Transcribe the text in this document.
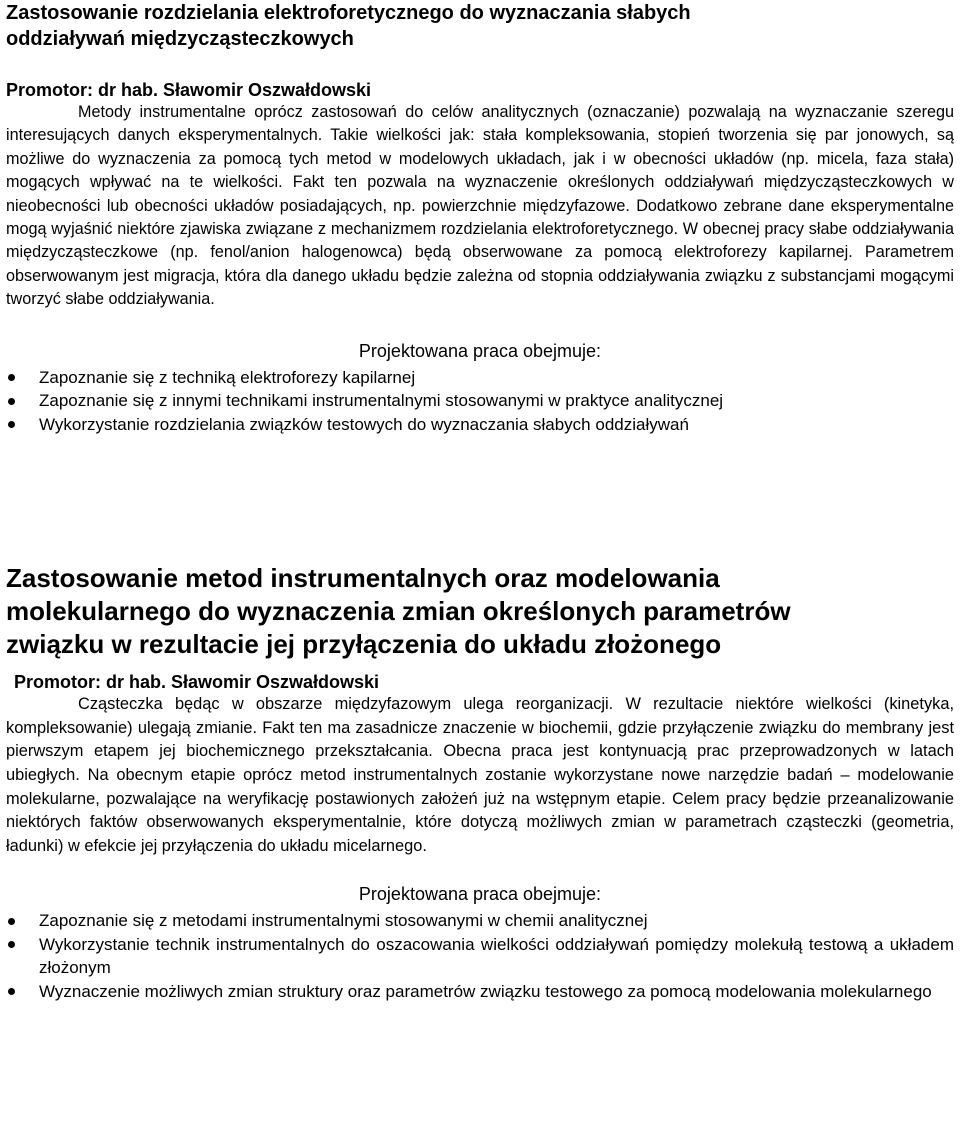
Zastosowanie rozdzielania elektroforetycznego do wyznaczania słabych
oddziaływań międzycząsteczkowych
Promotor: dr hab. Sławomir Oszwałdowski

Metody instrumentalne oprócz zastosowań do celów analitycznych (oznaczanie) pozwalają na wyznaczanie szeregu interesujących danych eksperymentalnych. Takie wielkości jak: stała kompleksowania, stopień tworzenia się par jonowych, są możliwe do wyznaczenia za pomocą tych metod w modelowych układach, jak i w obecności układów (np. micela, faza stała) mogących wpływać na te wielkości. Fakt ten pozwala na wyznaczenie określonych oddziaływań międzycząsteczkowych w nieobecności lub obecności układów posiadających, np. powierzchnie międzyfazowe. Dodatkowo zebrane dane eksperymentalne mogą wyjaśnić niektóre zjawiska związane z mechanizmem rozdzielania elektroforetycznego. W obecnej pracy słabe oddziaływania międzycząsteczkowe (np. fenol/anion halogenowca) będą obserwowane za pomocą elektroforezy kapilarnej. Parametrem obserwowanym jest migracja, która dla danego układu będzie zależna od stopnia oddziaływania związku z substancjami mogącymi tworzyć słabe oddziaływania.

Projektowana praca obejmuje:
Zapoznanie się z techniką elektroforezy kapilarnej
Zapoznanie się z innymi technikami instrumentalnymi stosowanymi w praktyce analitycznej
Wykorzystanie rozdzielania związków testowych do wyznaczania słabych oddziaływań
Zastosowanie metod instrumentalnych oraz modelowania
molekularnego do wyznaczenia zmian określonych parametrów
związku w rezultacie jej przyłączenia do układu złożonego
Promotor: dr hab. Sławomir Oszwałdowski

Cząsteczka będąc w obszarze międzyfazowym ulega reorganizacji. W rezultacie niektóre wielkości (kinetyka, kompleksowanie) ulegają zmianie. Fakt ten ma zasadnicze znaczenie w biochemii, gdzie przyłączenie związku do membrany jest pierwszym etapem jej biochemicznego przekształcania. Obecna praca jest kontynuacją prac przeprowadzonych w latach ubiegłych. Na obecnym etapie oprócz metod instrumentalnych zostanie wykorzystane nowe narzędzie badań – modelowanie molekularne, pozwalające na weryfikację postawionych założeń już na wstępnym etapie. Celem pracy będzie przeanalizowanie niektórych faktów obserwowanych eksperymentalnie, które dotyczą możliwych zmian w parametrach cząsteczki (geometria, ładunki) w efekcie jej przyłączenia do układu micelarnego.

Projektowana praca obejmuje:
Zapoznanie się z metodami instrumentalnymi stosowanymi w chemii analitycznej
Wykorzystanie technik instrumentalnych do oszacowania wielkości oddziaływań pomiędzy molekułą testową a układem złożonym
Wyznaczenie możliwych zmian struktury oraz parametrów związku testowego za pomocą modelowania molekularnego
